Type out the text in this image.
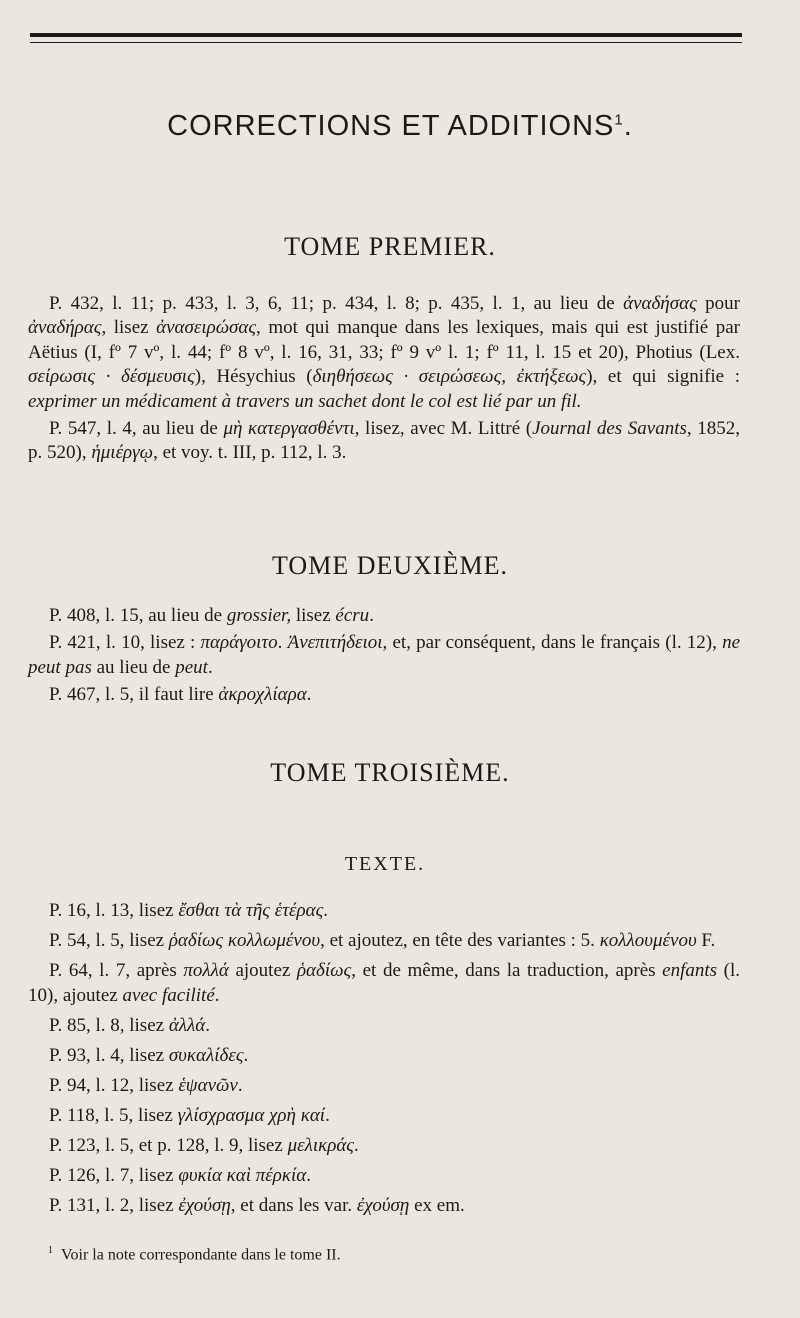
CORRECTIONS ET ADDITIONS$^1$.
TOME PREMIER.

P. 432, l. 11; p. 433, l. 3, 6, 11; p. 434, l. 8; p. 435, l. 1, au lieu de ἀναδήσας pour ἀναδήρας, lisez ἀνασειρώσας, mot qui manque dans les lexiques, mais qui est justifié par Aëtius (I, fº 7 vº, l. 44; fº 8 vº, l. 16, 31, 33; fº 9 vº l. 1; fº 11, l. 15 et 20), Photius (Lex. σείρωσις · δέσμευσις), Hésychius (διηθήσεως · σειρώσεως, ἐκτήξεως), et qui signifie : exprimer un médicament à travers un sachet dont le col est lié par un fil.

P. 547, l. 4, au lieu de μὴ κατεργασθέντι, lisez, avec M. Littré (Journal des Savants, 1852, p. 520), ἡμιέργῳ, et voy. t. III, p. 112, l. 3.

TOME DEUXIÈME.

P. 408, l. 15, au lieu de grossier, lisez écru.

P. 421, l. 10, lisez : παράγοιτο. Ἀνεπιτήδειοι, et, par conséquent, dans le français (l. 12), ne peut pas au lieu de peut.

P. 467, l. 5, il faut lire ἀκροχλίαρα.

TOME TROISIÈME.
TEXTE.

P. 16, l. 13, lisez ἔσθαι τὰ τῆς ἑτέρας.

P. 54, l. 5, lisez ῥαδίως κολλωμένου, et ajoutez, en tête des variantes : 5. κολλουμένου F.

P. 64, l. 7, après πολλά ajoutez ῥαδίως, et de même, dans la traduction, après enfants (l. 10), ajoutez avec facilité.

P. 85, l. 8, lisez ἀλλά.

P. 93, l. 4, lisez συκαλίδες.

P. 94, l. 12, lisez ἑψανῶν.

P. 118, l. 5, lisez γλίσχρασμα χρὴ καί.

P. 123, l. 5, et p. 128, l. 9, lisez μελικράς.

P. 126, l. 7, lisez φυκία καὶ πέρκία.

P. 131, l. 2, lisez ἐχούσῃ, et dans les var. ἐχούσῃ ex em.

$^1$ Voir la note correspondante dans le tome II.
